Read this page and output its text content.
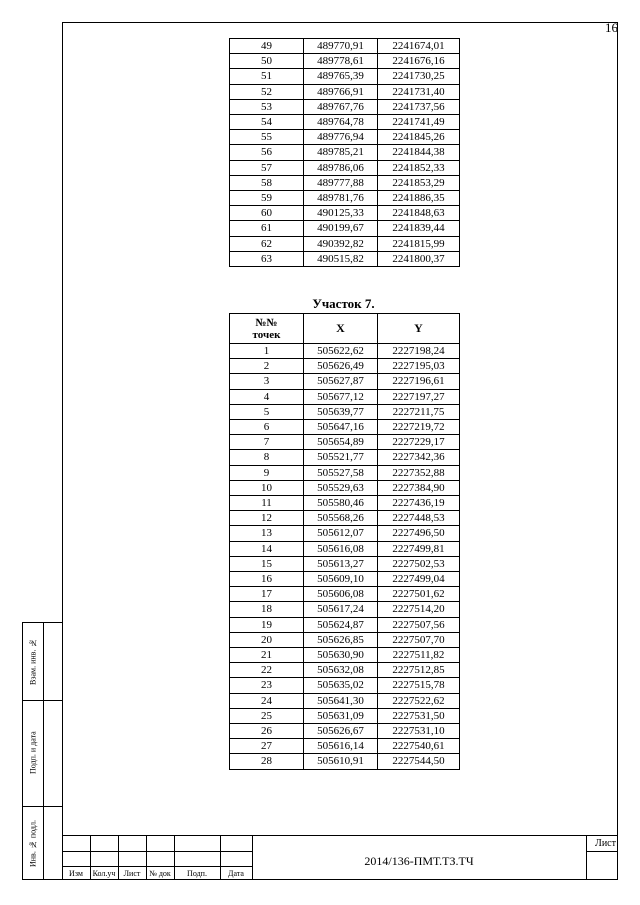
16
49	489770,91	2241674,01
50	489778,61	2241676,16
51	489765,39	2241730,25
52	489766,91	2241731,40
53	489767,76	2241737,56
54	489764,78	2241741,49
55	489776,94	2241845,26
56	489785,21	2241844,38
57	489786,06	2241852,33
58	489777,88	2241853,29
59	489781,76	2241886,35
60	490125,33	2241848,63
61	490199,67	2241839,44
62	490392,82	2241815,99
63	490515,82	2241800,37
Участок 7.
№№
точек	X	Y
1	505622,62	2227198,24
2	505626,49	2227195,03
3	505627,87	2227196,61
4	505677,12	2227197,27
5	505639,77	2227211,75
6	505647,16	2227219,72
7	505654,89	2227229,17
8	505521,77	2227342,36
9	505527,58	2227352,88
10	505529,63	2227384,90
11	505580,46	2227436,19
12	505568,26	2227448,53
13	505612,07	2227496,50
14	505616,08	2227499,81
15	505613,27	2227502,53
16	505609,10	2227499,04
17	505606,08	2227501,62
18	505617,24	2227514,20
19	505624,87	2227507,56
20	505626,85	2227507,70
21	505630,90	2227511,82
22	505632,08	2227512,85
23	505635,02	2227515,78
24	505641,30	2227522,62
25	505631,09	2227531,50
26	505626,67	2227531,10
27	505616,14	2227540,61
28	505610,91	2227544,50
Взам. инв. №
Подп. и дата
Инв. № подл.
Изм	Кол.уч	Лист	№ док	Подп.	Дата
2014/136-ПМТ.ТЗ.ТЧ
Лист
